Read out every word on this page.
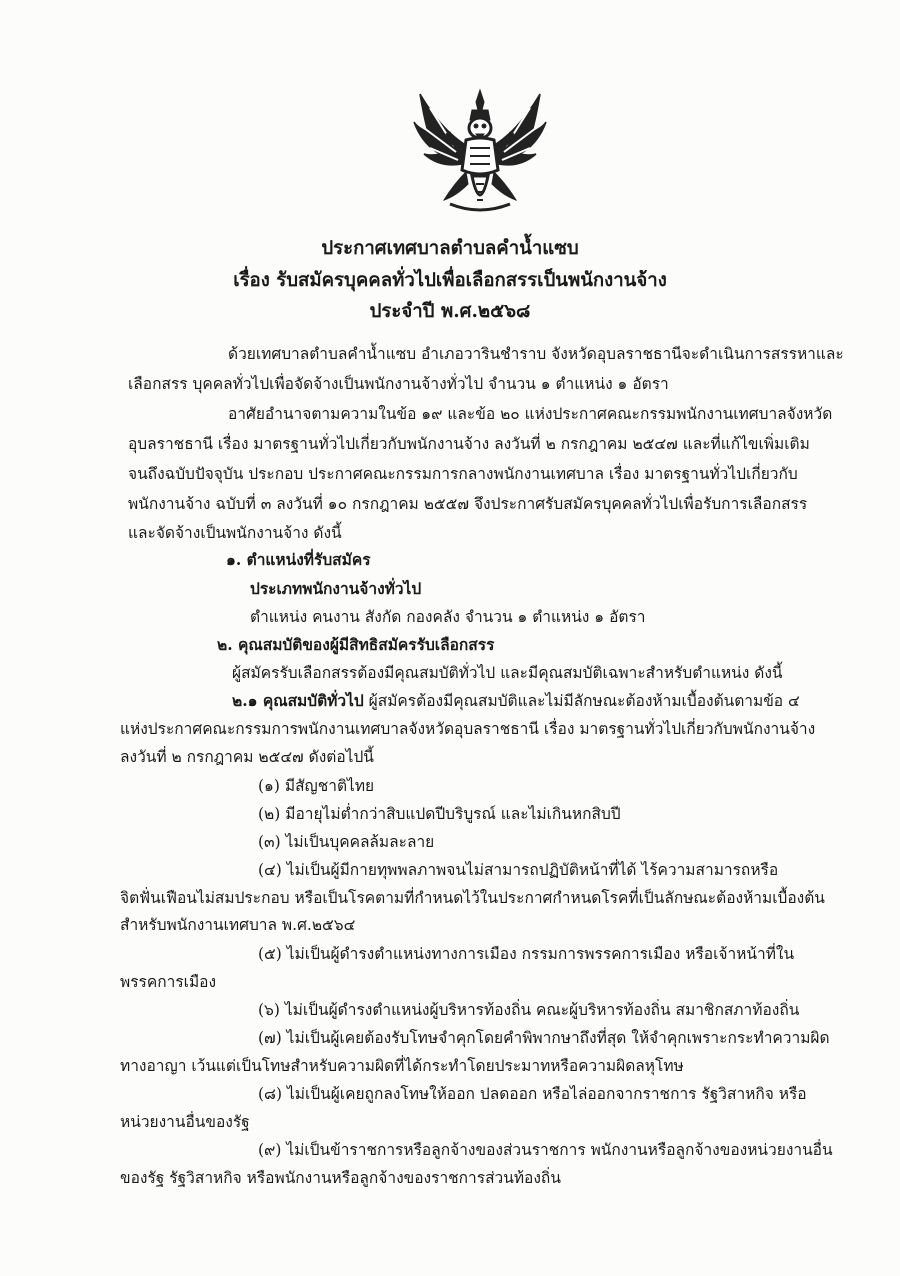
ประกาศเทศบาลตำบลคำน้ำแซบ
เรื่อง รับสมัครบุคคลทั่วไปเพื่อเลือกสรรเป็นพนักงานจ้าง
ประจำปี พ.ศ.๒๕๖๘
ด้วยเทศบาลตำบลคำน้ำแซบ อำเภอวารินชำราบ จังหวัดอุบลราชธานีจะดำเนินการสรรหาและ
เลือกสรร บุคคลทั่วไปเพื่อจัดจ้างเป็นพนักงานจ้างทั่วไป จำนวน ๑ ตำแหน่ง ๑ อัตรา
อาศัยอำนาจตามความในข้อ ๑๙ และข้อ ๒๐ แห่งประกาศคณะกรรมพนักงานเทศบาลจังหวัด
อุบลราชธานี เรื่อง มาตรฐานทั่วไปเกี่ยวกับพนักงานจ้าง ลงวันที่ ๒ กรกฎาคม ๒๕๔๗ และที่แก้ไขเพิ่มเติม
จนถึงฉบับปัจจุบัน ประกอบ ประกาศคณะกรรมการกลางพนักงานเทศบาล เรื่อง มาตรฐานทั่วไปเกี่ยวกับ
พนักงานจ้าง ฉบับที่ ๓ ลงวันที่ ๑๐ กรกฎาคม ๒๕๕๗ จึงประกาศรับสมัครบุคคลทั่วไปเพื่อรับการเลือกสรร
และจัดจ้างเป็นพนักงานจ้าง ดังนี้
๑. ตำแหน่งที่รับสมัคร
ประเภทพนักงานจ้างทั่วไป
ตำแหน่ง คนงาน สังกัด กองคลัง จำนวน ๑ ตำแหน่ง ๑ อัตรา
๒. คุณสมบัติของผู้มีสิทธิสมัครรับเลือกสรร
ผู้สมัครรับเลือกสรรต้องมีคุณสมบัติทั่วไป และมีคุณสมบัติเฉพาะสำหรับตำแหน่ง ดังนี้
๒.๑ คุณสมบัติทั่วไป ผู้สมัครต้องมีคุณสมบัติและไม่มีลักษณะต้องห้ามเบื้องต้นตามข้อ ๔
แห่งประกาศคณะกรรมการพนักงานเทศบาลจังหวัดอุบลราชธานี เรื่อง มาตรฐานทั่วไปเกี่ยวกับพนักงานจ้าง
ลงวันที่ ๒ กรกฎาคม ๒๕๔๗ ดังต่อไปนี้
(๑) มีสัญชาติไทย
(๒) มีอายุไม่ต่ำกว่าสิบแปดปีบริบูรณ์ และไม่เกินหกสิบปี
(๓) ไม่เป็นบุคคลล้มละลาย
(๔) ไม่เป็นผู้มีกายทุพพลภาพจนไม่สามารถปฏิบัติหน้าที่ได้ ไร้ความสามารถหรือ
จิตฟั่นเฟือนไม่สมประกอบ หรือเป็นโรคตามที่กำหนดไว้ในประกาศกำหนดโรคที่เป็นลักษณะต้องห้ามเบื้องต้น
สำหรับพนักงานเทศบาล พ.ศ.๒๕๖๔
(๕) ไม่เป็นผู้ดำรงตำแหน่งทางการเมือง กรรมการพรรคการเมือง หรือเจ้าหน้าที่ใน
พรรคการเมือง
(๖) ไม่เป็นผู้ดำรงตำแหน่งผู้บริหารท้องถิ่น คณะผู้บริหารท้องถิ่น สมาชิกสภาท้องถิ่น
(๗) ไม่เป็นผู้เคยต้องรับโทษจำคุกโดยคำพิพากษาถึงที่สุด ให้จำคุกเพราะกระทำความผิด
ทางอาญา เว้นแต่เป็นโทษสำหรับความผิดที่ได้กระทำโดยประมาทหรือความผิดลหุโทษ
(๘) ไม่เป็นผู้เคยถูกลงโทษให้ออก ปลดออก หรือไล่ออกจากราชการ รัฐวิสาหกิจ หรือ
หน่วยงานอื่นของรัฐ
(๙) ไม่เป็นข้าราชการหรือลูกจ้างของส่วนราชการ พนักงานหรือลูกจ้างของหน่วยงานอื่น
ของรัฐ รัฐวิสาหกิจ หรือพนักงานหรือลูกจ้างของราชการส่วนท้องถิ่น
